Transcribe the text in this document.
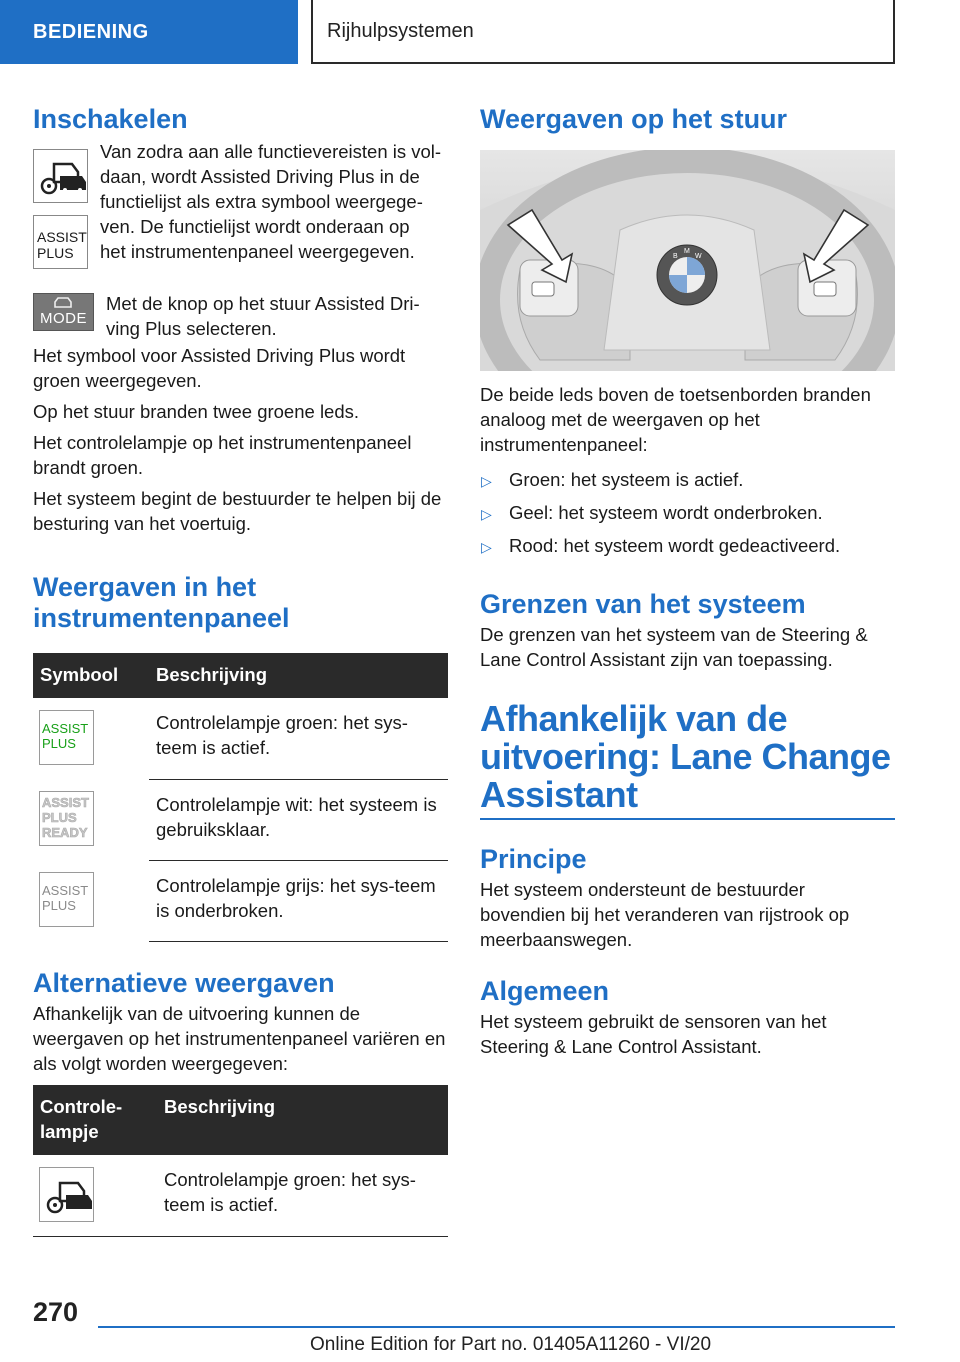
BEDIENING	Rijhulpsystemen
Inschakelen
ASSIST
PLUS

Van zodra aan alle functievereisten is vol-
daan, wordt Assisted Driving Plus in de
functielijst als extra symbool weergege-
ven. De functielijst wordt onderaan op
het instrumentenpaneel weergegeven.

MODE

Met de knop op het stuur Assisted Dri-
ving Plus selecteren.

Het symbool voor Assisted Driving Plus wordt groen weergegeven.

Op het stuur branden twee groene leds.

Het controlelampje op het instrumentenpaneel brandt groen.

Het systeem begint de bestuurder te helpen bij de besturing van het voertuig.

Weergaven in het
instrumentenpaneel
Symbool	Beschrijving

ASSIST
PLUS	Controlelampje groen: het sys-teem is actief.

ASSIST
PLUS
READY	Controlelampje wit: het systeem is gebruiksklaar.

ASSIST
PLUS	Controlelampje grijs: het sys-teem is onderbroken.
Alternatieve weergaven

Afhankelijk van de uitvoering kunnen de weergaven op het instrumentenpaneel variëren en als volgt worden weergegeven:

Controle-lampje	Beschrijving

	Controlelampje groen: het sys-teem is actief.
Weergaven op het stuur
B
M
W

De beide leds boven de toetsenborden branden analoog met de weergaven op het instrumentenpaneel:

▷ Groen: het systeem is actief.
▷ Geel: het systeem wordt onderbroken.
▷ Rood: het systeem wordt gedeactiveerd.
Grenzen van het systeem

De grenzen van het systeem van de Steering & Lane Control Assistant zijn van toepassing.

Afhankelijk van de
uitvoering: Lane Change
Assistant
Principe

Het systeem ondersteunt de bestuurder bovendien bij het veranderen van rijstrook op meerbaanswegen.

Algemeen

Het systeem gebruikt de sensoren van het Steering & Lane Control Assistant.

270
Online Edition for Part no. 01405A11260 - VI/20
